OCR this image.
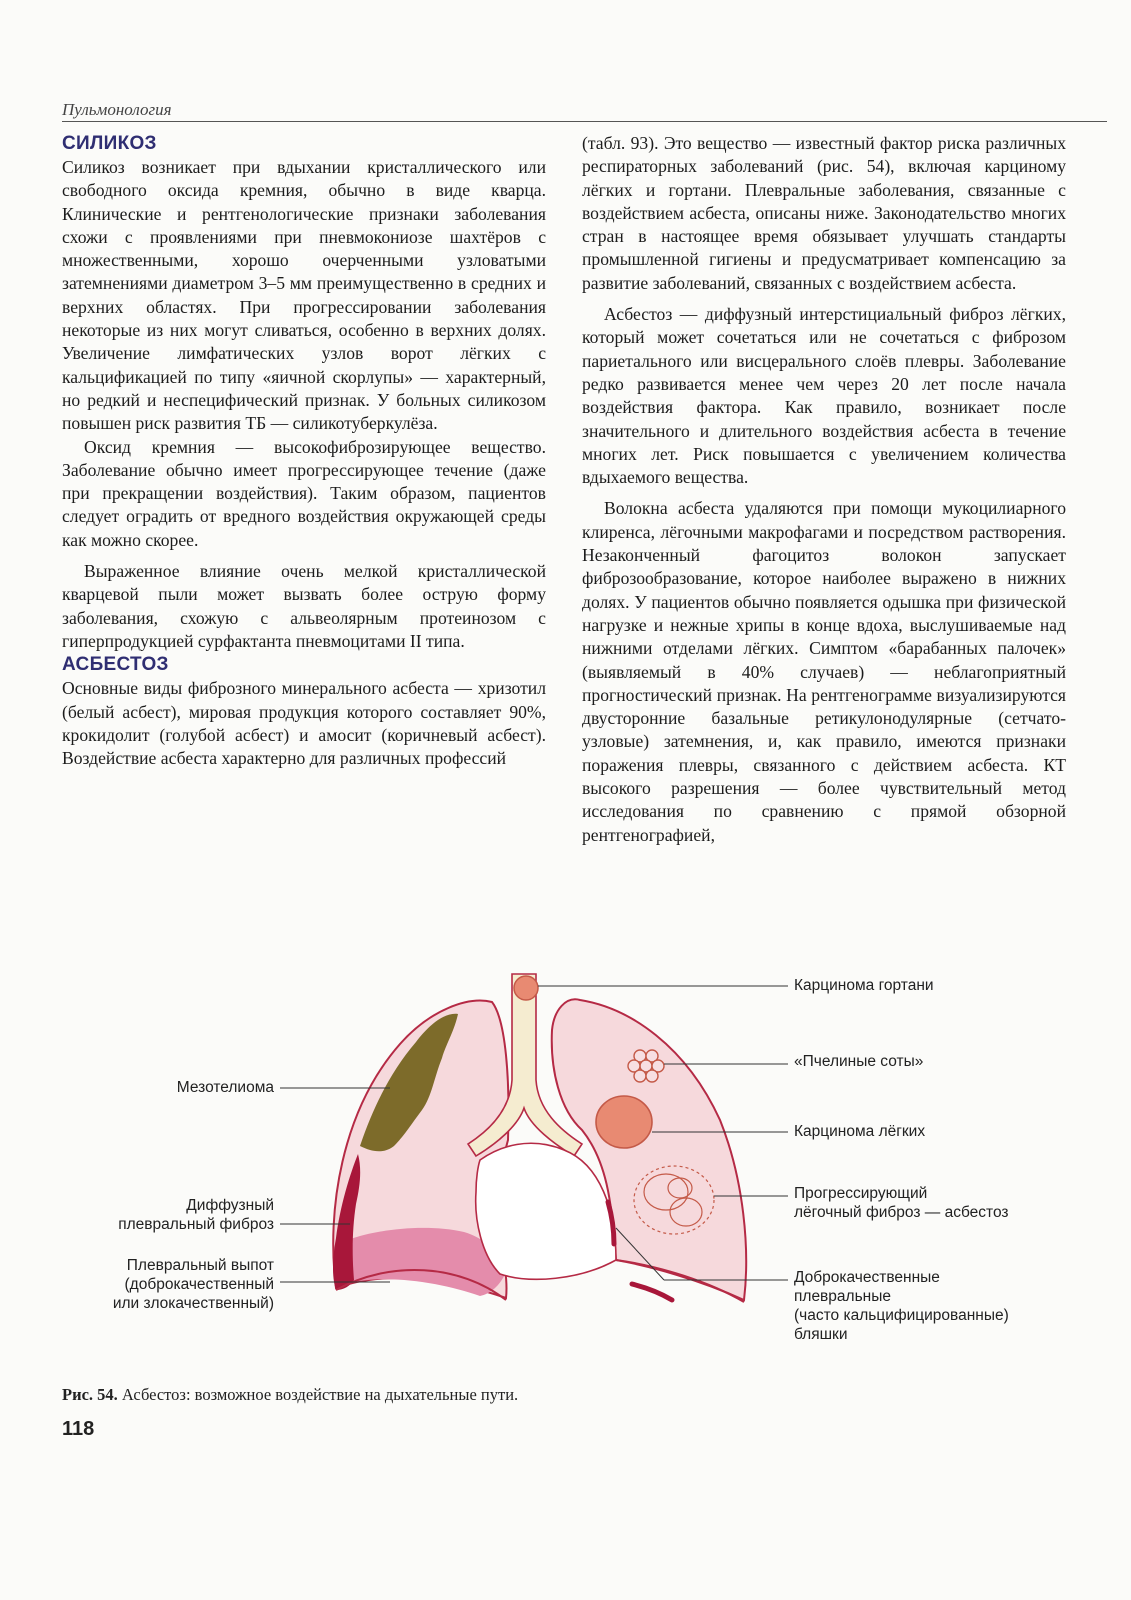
Пульмонология
СИЛИКОЗ

Силикоз возникает при вдыхании кристаллического или свободного оксида кремния, обычно в виде кварца. Клинические и рентгенологические признаки заболевания схожи с проявлениями при пневмокониозе шахтёров с множественными, хорошо очерченными узловатыми затемнениями диаметром 3–5 мм преимущественно в средних и верхних областях. При прогрессировании заболевания некоторые из них могут сливаться, особенно в верхних долях. Увеличение лимфатических узлов ворот лёгких с кальцификацией по типу «яичной скорлупы» — характерный, но редкий и неспецифический признак. У больных силикозом повышен риск развития ТБ — силикотуберкулёза.

Оксид кремния — высокофиброзирующее вещество. Заболевание обычно имеет прогрессирующее течение (даже при прекращении воздействия). Таким образом, пациентов следует оградить от вредного воздействия окружающей среды как можно скорее.

Выраженное влияние очень мелкой кристаллической кварцевой пыли может вызвать более острую форму заболевания, схожую с альвеолярным протеинозом с гиперпродукцией сурфактанта пневмоцитами II типа.

АСБЕСТОЗ

Основные виды фиброзного минерального асбеста — хризотил (белый асбест), мировая продукция которого составляет 90%, крокидолит (голубой асбест) и амосит (коричневый асбест). Воздействие асбеста характерно для различных профессий

(табл. 93). Это вещество — известный фактор риска различных респираторных заболеваний (рис. 54), включая карциному лёгких и гортани. Плевральные заболевания, связанные с воздействием асбеста, описаны ниже. Законодательство многих стран в настоящее время обязывает улучшать стандарты промышленной гигиены и предусматривает компенсацию за развитие заболеваний, связанных с воздействием асбеста.

Асбестоз — диффузный интерстициальный фиброз лёгких, который может сочетаться или не сочетаться с фиброзом париетального или висцерального слоёв плевры. Заболевание редко развивается менее чем через 20 лет после начала воздействия фактора. Как правило, возникает после значительного и длительного воздействия асбеста в течение многих лет. Риск повышается с увеличением количества вдыхаемого вещества.

Волокна асбеста удаляются при помощи мукоцилиарного клиренса, лёгочными макрофагами и посредством растворения. Незаконченный фагоцитоз волокон запускает фиброзообразование, которое наиболее выражено в нижних долях. У пациентов обычно появляется одышка при физической нагрузке и нежные хрипы в конце вдоха, выслушиваемые над нижними отделами лёгких. Симптом «барабанных палочек» (выявляемый в 40% случаев) — неблагоприятный прогностический признак. На рентгенограмме визуализируются двусторонние базальные ретикулонодулярные (сетчато-узловые) затемнения, и, как правило, имеются признаки поражения плевры, связанного с действием асбеста. КТ высокого разрешения — более чувствительный метод исследования по сравнению с прямой обзорной рентгенографией,

Мезотелиома
Диффузный
плевральный фиброз
Плевральный выпот
(доброкачественный
или злокачественный)
Карцинома гортани
«Пчелиные соты»
Карцинома лёгких
Прогрессирующий
лёгочный фиброз — асбестоз
Доброкачественные
плевральные
(часто кальцифицированные)
бляшки
Рис. 54. Асбестоз: возможное воздействие на дыхательные пути.
118
